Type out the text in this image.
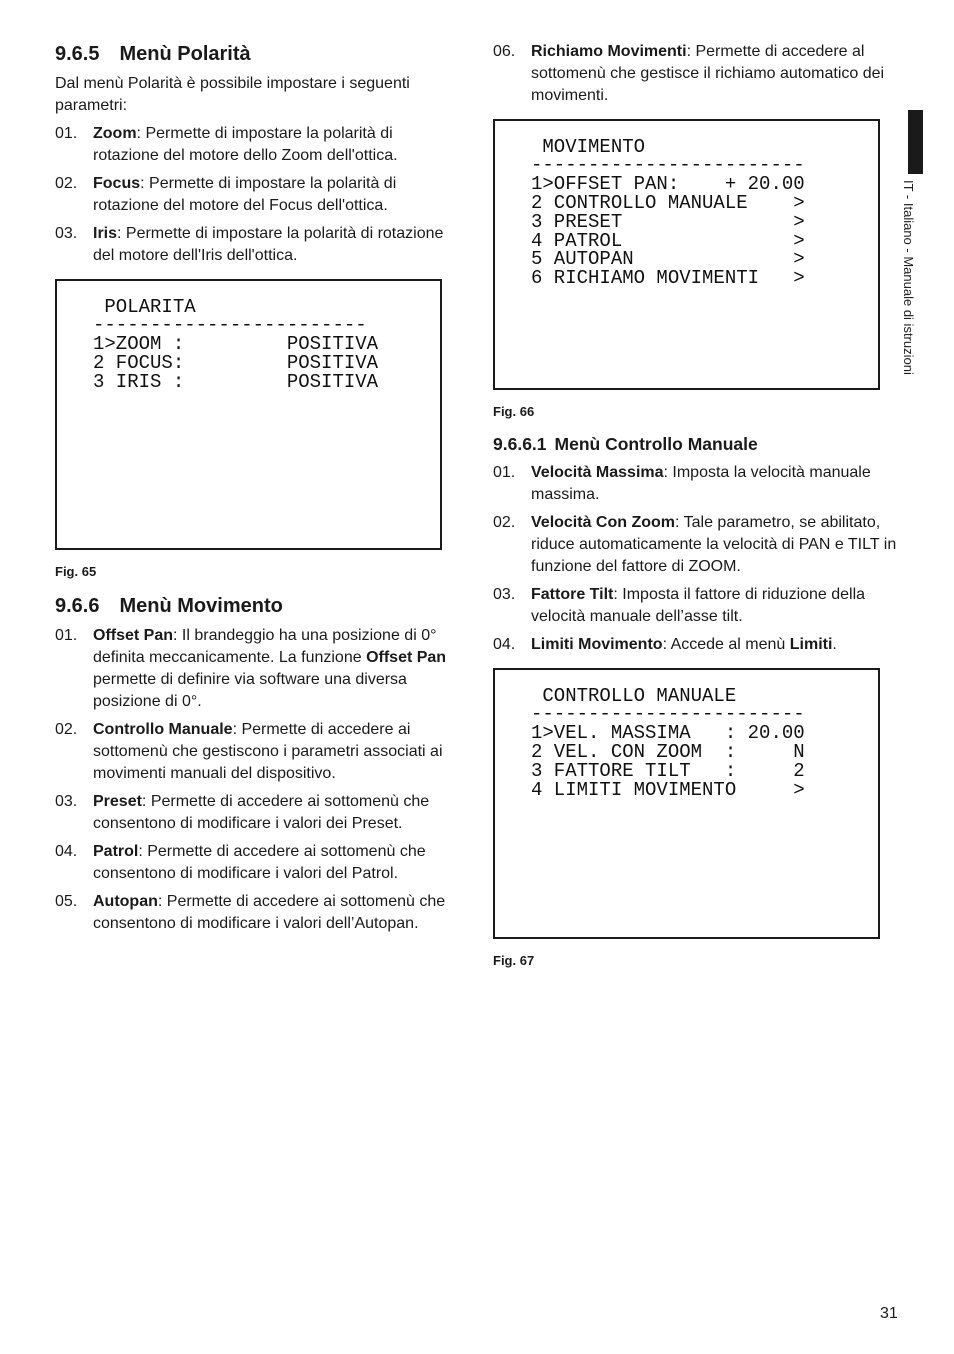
9.6.5 Menù Polarità

Dal menù Polarità è possibile impostare i seguenti parametri:

01. Zoom: Permette di impostare la polarità di rotazione del motore dello Zoom dell'ottica.
02. Focus: Permette di impostare la polarità di rotazione del motore del Focus dell'ottica.
03. Iris: Permette di impostare la polarità di rotazione del motore dell'Iris dell'ottica.
POLARITA
------------------------
1>ZOOM :         POSITIVA
2 FOCUS:         POSITIVA
3 IRIS :         POSITIVA
Fig. 65
9.6.6 Menù Movimento
01. Offset Pan: Il brandeggio ha una posizione di 0° definita meccanicamente. La funzione Offset Pan permette di definire via software una diversa posizione di 0°.
02. Controllo Manuale: Permette di accedere ai sottomenù che gestiscono i parametri associati ai movimenti manuali del dispositivo.
03. Preset: Permette di accedere ai sottomenù che consentono di modificare i valori dei Preset.
04. Patrol: Permette di accedere ai sottomenù che consentono di modificare i valori del Patrol.
05. Autopan: Permette di accedere ai sottomenù che consentono di modificare i valori dell’Autopan.
06. Richiamo Movimenti: Permette di accedere al sottomenù che gestisce il richiamo automatico dei movimenti.
MOVIMENTO
------------------------
1>OFFSET PAN:    + 20.00
2 CONTROLLO MANUALE    >
3 PRESET               >
4 PATROL               >
5 AUTOPAN              >
6 RICHIAMO MOVIMENTI   >
Fig. 66
9.6.6.1 Menù Controllo Manuale
01. Velocità Massima: Imposta la velocità manuale massima.
02. Velocità Con Zoom: Tale parametro, se abilitato, riduce automaticamente la velocità di PAN e TILT in funzione del fattore di ZOOM.
03. Fattore Tilt: Imposta il fattore di riduzione della velocità manuale dell’asse tilt.
04. Limiti Movimento: Accede al menù Limiti.
CONTROLLO MANUALE
------------------------
1>VEL. MASSIMA   : 20.00
2 VEL. CON ZOOM  :     N
3 FATTORE TILT   :     2
4 LIMITI MOVIMENTO     >
Fig. 67
IT - Italiano - Manuale di istruzioni
31
